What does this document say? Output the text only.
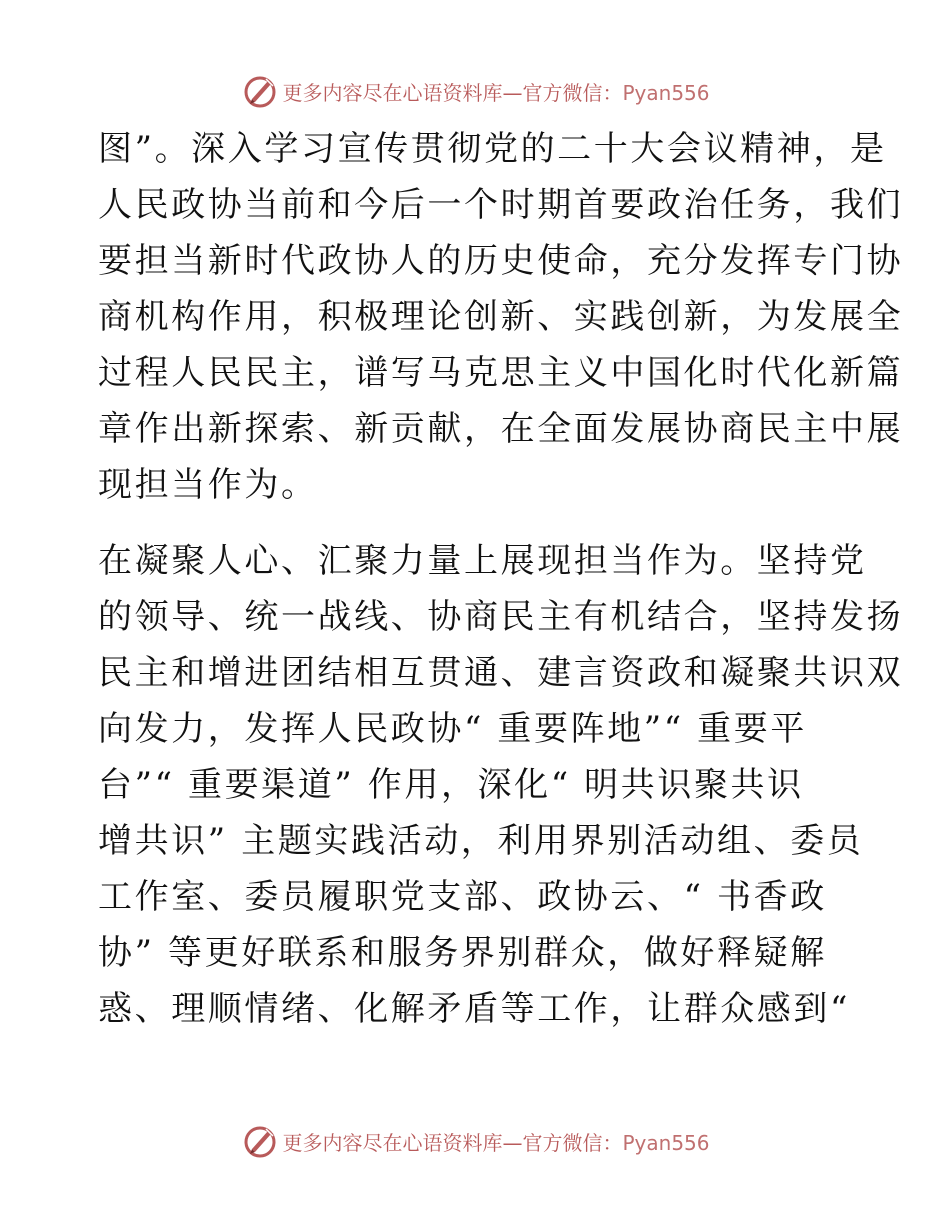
更多内容尽在心语资料库—官方微信：Pyan556
图”。深入学习宣传贯彻党的二十大会议精神，是
人民政协当前和今后一个时期首要政治任务，我们
要担当新时代政协人的历史使命，充分发挥专门协
商机构作用，积极理论创新、实践创新，为发展全
过程人民民主，谱写马克思主义中国化时代化新篇
章作出新探索、新贡献，在全面发展协商民主中展
现担当作为。
在凝聚人心、汇聚力量上展现担当作为。坚持党
的领导、统一战线、协商民主有机结合，坚持发扬
民主和增进团结相互贯通、建言资政和凝聚共识双
向发力，发挥人民政协“ 重要阵地”“ 重要平
台”“ 重要渠道” 作用，深化“ 明共识聚共识
增共识” 主题实践活动，利用界别活动组、委员
工作室、委员履职党支部、政协云、“ 书香政
协” 等更好联系和服务界别群众，做好释疑解
惑、理顺情绪、化解矛盾等工作，让群众感到“
更多内容尽在心语资料库—官方微信：Pyan556
